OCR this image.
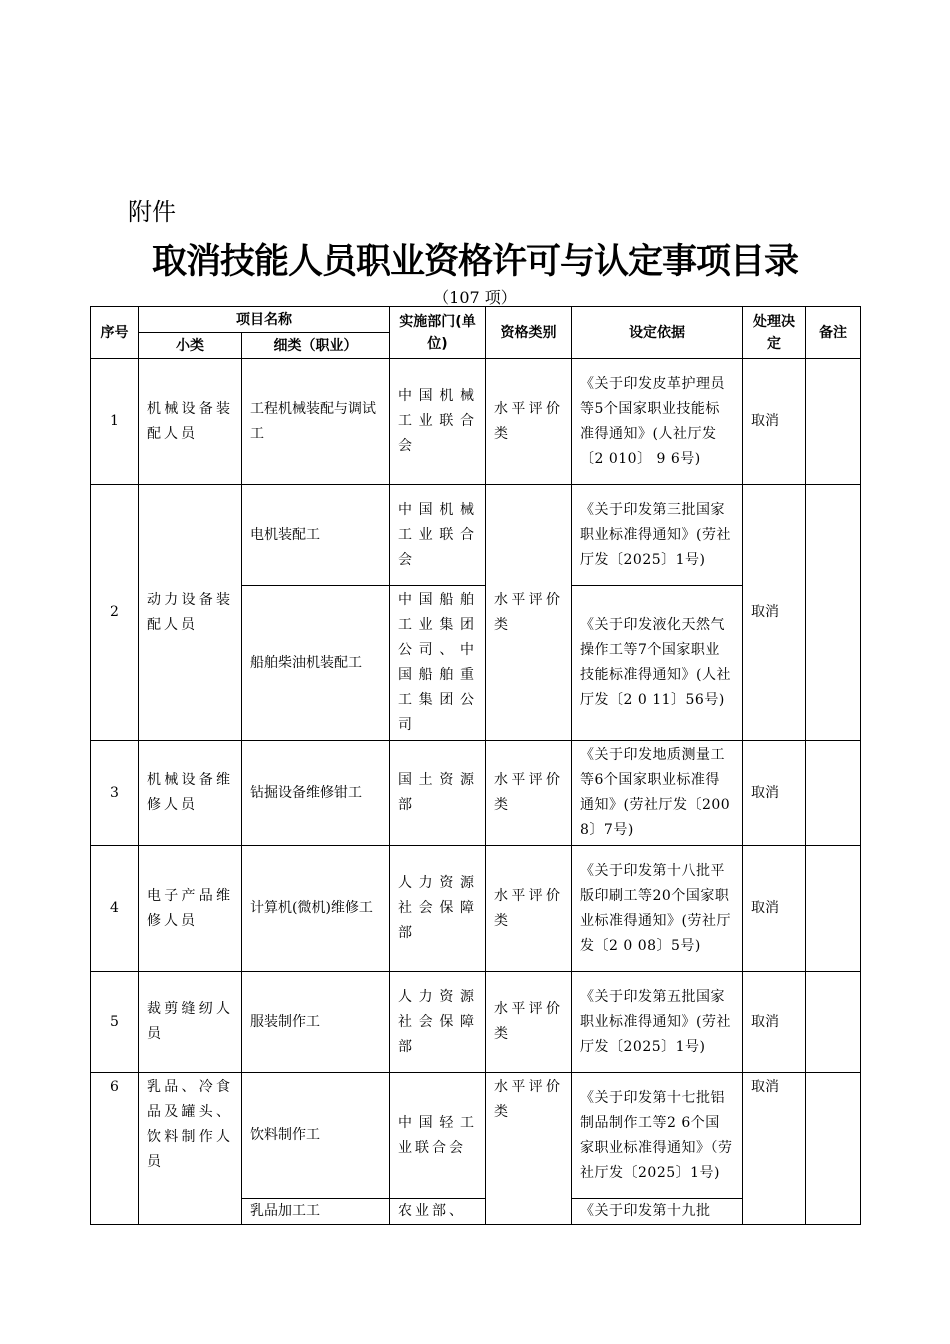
附件
取消技能人员职业资格许可与认定事项目录
（107 项）
序号	项目名称		实施部门(单位)	资格类别	设定依据	处理决定	备注
	小类	细类（职业）					
1	机械设备装配人员	工程机械装配与调试工	中国机械工业联合会	水平评价类	《关于印发皮革护理员等5个国家职业技能标准得通知》(人社厅发〔2 010〕 9 6号)	取消	
2	动力设备装配人员	电机装配工	中国机械工业联合会	水平评价类	《关于印发第三批国家职业标准得通知》(劳社厅发〔2025〕1号)	取消	
		船舶柴油机装配工	中国船舶工业集团公司、中国船舶重工集团公司		《关于印发液化天然气操作工等7个国家职业技能标准得通知》(人社厅发〔2 0 11〕56号)		
3	机械设备维修人员	钻掘设备维修钳工	国土资源部	水平评价类	《关于印发地质测量工等6个国家职业标准得通知》(劳社厅发〔200 8〕7号)	取消	
4	电子产品维修人员	计算机(微机)维修工	人力资源社会保障部	水平评价类	《关于印发第十八批平版印刷工等20个国家职业标准得通知》(劳社厅发〔2 0 08〕5号)	取消	
5	裁剪缝纫人员	服装制作工	人力资源社会保障部	水平评价类	《关于印发第五批国家职业标准得通知》(劳社厅发〔2025〕1号)	取消	
6	乳品、冷食品及罐头、饮料制作人员	饮料制作工	中国轻工业联合会	水平评价类	《关于印发第十七批铝制品制作工等2 6个国家职业标准得通知》（劳社厅发〔2025〕1号)	取消	
		乳品加工工	农业部、		《关于印发第十九批		
